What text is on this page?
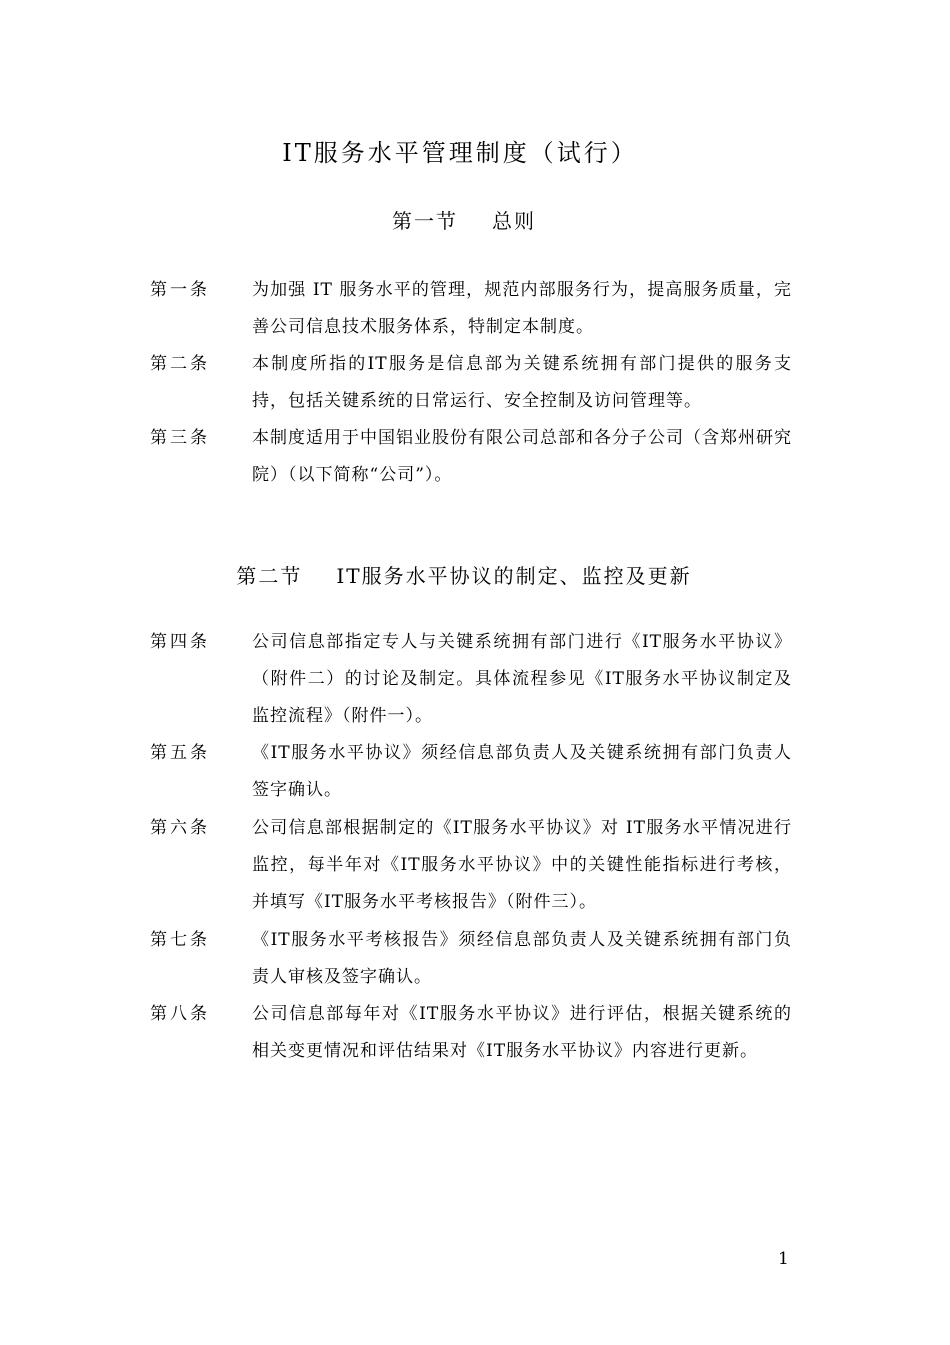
IT服务水平管理制度（试行）
第一节 总则
第一条	为加强 IT 服务水平的管理，规范内部服务行为，提高服务质量，完善公司信息技术服务体系，特制定本制度。
第二条	本制度所指的IT服务是信息部为关键系统拥有部门提供的服务支持，包括关键系统的日常运行、安全控制及访问管理等。
第三条	本制度适用于中国铝业股份有限公司总部和各分子公司（含郑州研究院）（以下简称“公司”）。
第二节 IT服务水平协议的制定、监控及更新
第四条	公司信息部指定专人与关键系统拥有部门进行《IT服务水平协议》（附件二）的讨论及制定。具体流程参见《IT服务水平协议制定及监控流程》（附件一）。
第五条	《IT服务水平协议》须经信息部负责人及关键系统拥有部门负责人签字确认。
第六条	公司信息部根据制定的《IT服务水平协议》对 IT服务水平情况进行监控，每半年对《IT服务水平协议》中的关键性能指标进行考核，并填写《IT服务水平考核报告》（附件三）。
第七条	《IT服务水平考核报告》须经信息部负责人及关键系统拥有部门负责人审核及签字确认。
第八条	公司信息部每年对《IT服务水平协议》进行评估，根据关键系统的相关变更情况和评估结果对《IT服务水平协议》内容进行更新。
1
